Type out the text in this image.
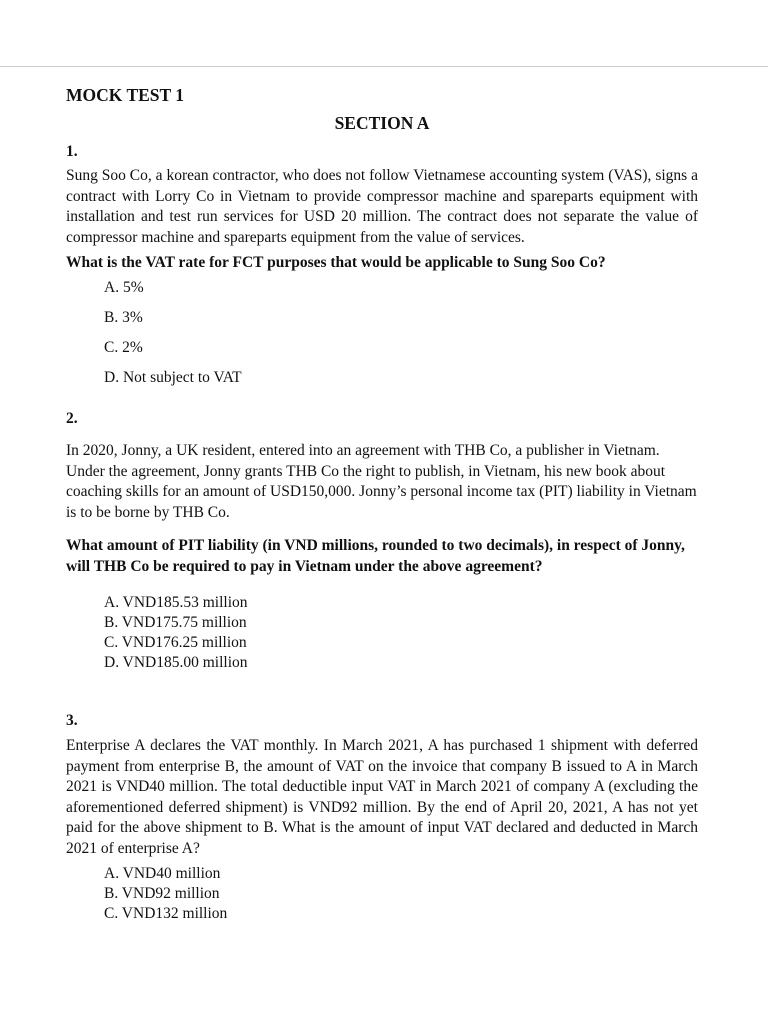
MOCK TEST 1
SECTION A

1.

Sung Soo Co, a korean contractor, who does not follow Vietnamese accounting system (VAS), signs a contract with Lorry Co in Vietnam to provide compressor machine and spareparts equipment with installation and test run services for USD 20 million. The contract does not separate the value of compressor machine and spareparts equipment from the value of services.

What is the VAT rate for FCT purposes that would be applicable to Sung Soo Co?

A. 5%
B. 3%
C. 2%
D. Not subject to VAT

2.

In 2020, Jonny, a UK resident, entered into an agreement with THB Co, a publisher in Vietnam. Under the agreement, Jonny grants THB Co the right to publish, in Vietnam, his new book about coaching skills for an amount of USD150,000. Jonny’s personal income tax (PIT) liability in Vietnam is to be borne by THB Co.

What amount of PIT liability (in VND millions, rounded to two decimals), in respect of Jonny, will THB Co be required to pay in Vietnam under the above agreement?

A. VND185.53 million
B. VND175.75 million
C. VND176.25 million
D. VND185.00 million

3.

Enterprise A declares the VAT monthly. In March 2021, A has purchased 1 shipment with deferred payment from enterprise B, the amount of VAT on the invoice that company B issued to A in March 2021 is VND40 million. The total deductible input VAT in March 2021 of company A (excluding the aforementioned deferred shipment) is VND92 million. By the end of April 20, 2021, A has not yet paid for the above shipment to B. What is the amount of input VAT declared and deducted in March 2021 of enterprise A?

A. VND40 million
B. VND92 million
C. VND132 million
